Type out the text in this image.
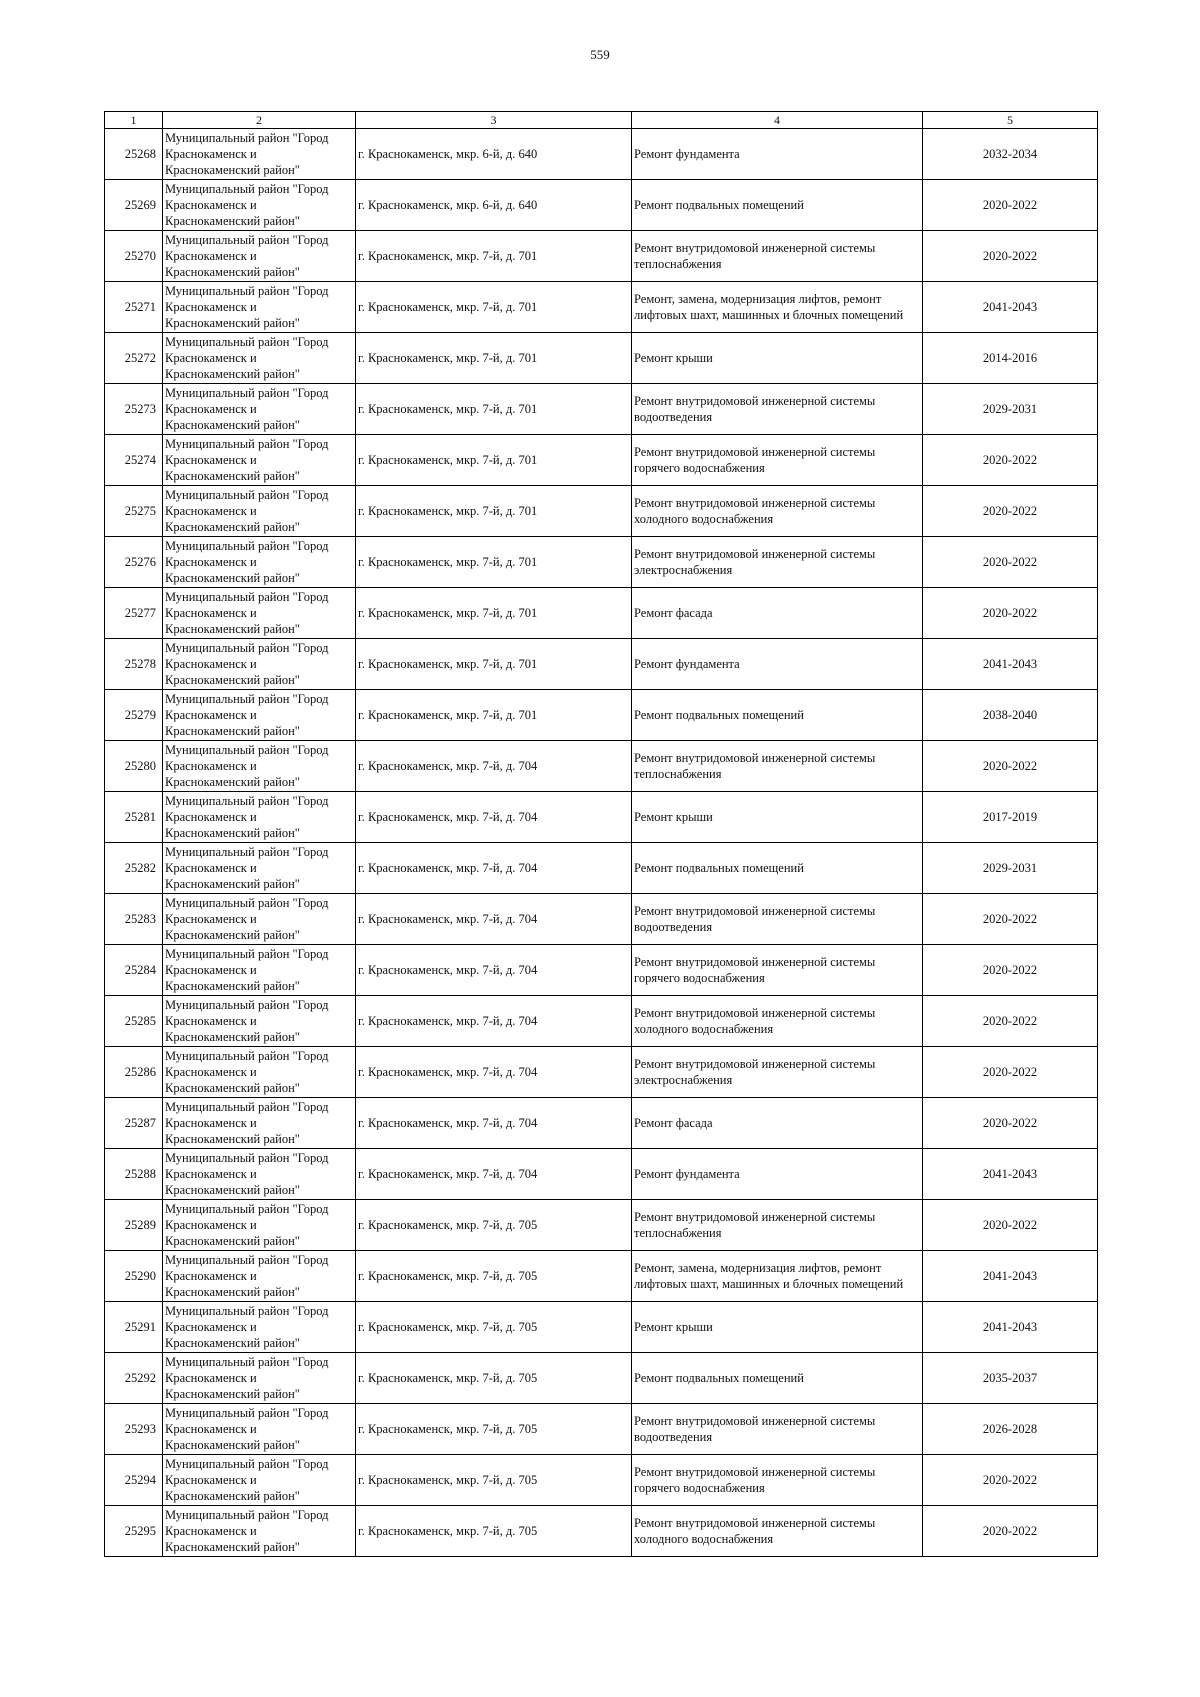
559
1	2	3	4	5
25268	Муниципальный район "Город Краснокаменск и Краснокаменский район"	г. Краснокаменск, мкр. 6-й, д. 640	Ремонт фундамента	2032-2034
25269	Муниципальный район "Город Краснокаменск и Краснокаменский район"	г. Краснокаменск, мкр. 6-й, д. 640	Ремонт подвальных помещений	2020-2022
25270	Муниципальный район "Город Краснокаменск и Краснокаменский район"	г. Краснокаменск, мкр. 7-й, д. 701	Ремонт внутридомовой инженерной системы теплоснабжения	2020-2022
25271	Муниципальный район "Город Краснокаменск и Краснокаменский район"	г. Краснокаменск, мкр. 7-й, д. 701	Ремонт, замена, модернизация лифтов, ремонт лифтовых шахт, машинных и блочных помещений	2041-2043
25272	Муниципальный район "Город Краснокаменск и Краснокаменский район"	г. Краснокаменск, мкр. 7-й, д. 701	Ремонт крыши	2014-2016
25273	Муниципальный район "Город Краснокаменск и Краснокаменский район"	г. Краснокаменск, мкр. 7-й, д. 701	Ремонт внутридомовой инженерной системы водоотведения	2029-2031
25274	Муниципальный район "Город Краснокаменск и Краснокаменский район"	г. Краснокаменск, мкр. 7-й, д. 701	Ремонт внутридомовой инженерной системы горячего водоснабжения	2020-2022
25275	Муниципальный район "Город Краснокаменск и Краснокаменский район"	г. Краснокаменск, мкр. 7-й, д. 701	Ремонт внутридомовой инженерной системы холодного водоснабжения	2020-2022
25276	Муниципальный район "Город Краснокаменск и Краснокаменский район"	г. Краснокаменск, мкр. 7-й, д. 701	Ремонт внутридомовой инженерной системы электроснабжения	2020-2022
25277	Муниципальный район "Город Краснокаменск и Краснокаменский район"	г. Краснокаменск, мкр. 7-й, д. 701	Ремонт фасада	2020-2022
25278	Муниципальный район "Город Краснокаменск и Краснокаменский район"	г. Краснокаменск, мкр. 7-й, д. 701	Ремонт фундамента	2041-2043
25279	Муниципальный район "Город Краснокаменск и Краснокаменский район"	г. Краснокаменск, мкр. 7-й, д. 701	Ремонт подвальных помещений	2038-2040
25280	Муниципальный район "Город Краснокаменск и Краснокаменский район"	г. Краснокаменск, мкр. 7-й, д. 704	Ремонт внутридомовой инженерной системы теплоснабжения	2020-2022
25281	Муниципальный район "Город Краснокаменск и Краснокаменский район"	г. Краснокаменск, мкр. 7-й, д. 704	Ремонт крыши	2017-2019
25282	Муниципальный район "Город Краснокаменск и Краснокаменский район"	г. Краснокаменск, мкр. 7-й, д. 704	Ремонт подвальных помещений	2029-2031
25283	Муниципальный район "Город Краснокаменск и Краснокаменский район"	г. Краснокаменск, мкр. 7-й, д. 704	Ремонт внутридомовой инженерной системы водоотведения	2020-2022
25284	Муниципальный район "Город Краснокаменск и Краснокаменский район"	г. Краснокаменск, мкр. 7-й, д. 704	Ремонт внутридомовой инженерной системы горячего водоснабжения	2020-2022
25285	Муниципальный район "Город Краснокаменск и Краснокаменский район"	г. Краснокаменск, мкр. 7-й, д. 704	Ремонт внутридомовой инженерной системы холодного водоснабжения	2020-2022
25286	Муниципальный район "Город Краснокаменск и Краснокаменский район"	г. Краснокаменск, мкр. 7-й, д. 704	Ремонт внутридомовой инженерной системы электроснабжения	2020-2022
25287	Муниципальный район "Город Краснокаменск и Краснокаменский район"	г. Краснокаменск, мкр. 7-й, д. 704	Ремонт фасада	2020-2022
25288	Муниципальный район "Город Краснокаменск и Краснокаменский район"	г. Краснокаменск, мкр. 7-й, д. 704	Ремонт фундамента	2041-2043
25289	Муниципальный район "Город Краснокаменск и Краснокаменский район"	г. Краснокаменск, мкр. 7-й, д. 705	Ремонт внутридомовой инженерной системы теплоснабжения	2020-2022
25290	Муниципальный район "Город Краснокаменск и Краснокаменский район"	г. Краснокаменск, мкр. 7-й, д. 705	Ремонт, замена, модернизация лифтов, ремонт лифтовых шахт, машинных и блочных помещений	2041-2043
25291	Муниципальный район "Город Краснокаменск и Краснокаменский район"	г. Краснокаменск, мкр. 7-й, д. 705	Ремонт крыши	2041-2043
25292	Муниципальный район "Город Краснокаменск и Краснокаменский район"	г. Краснокаменск, мкр. 7-й, д. 705	Ремонт подвальных помещений	2035-2037
25293	Муниципальный район "Город Краснокаменск и Краснокаменский район"	г. Краснокаменск, мкр. 7-й, д. 705	Ремонт внутридомовой инженерной системы водоотведения	2026-2028
25294	Муниципальный район "Город Краснокаменск и Краснокаменский район"	г. Краснокаменск, мкр. 7-й, д. 705	Ремонт внутридомовой инженерной системы горячего водоснабжения	2020-2022
25295	Муниципальный район "Город Краснокаменск и Краснокаменский район"	г. Краснокаменск, мкр. 7-й, д. 705	Ремонт внутридомовой инженерной системы холодного водоснабжения	2020-2022
